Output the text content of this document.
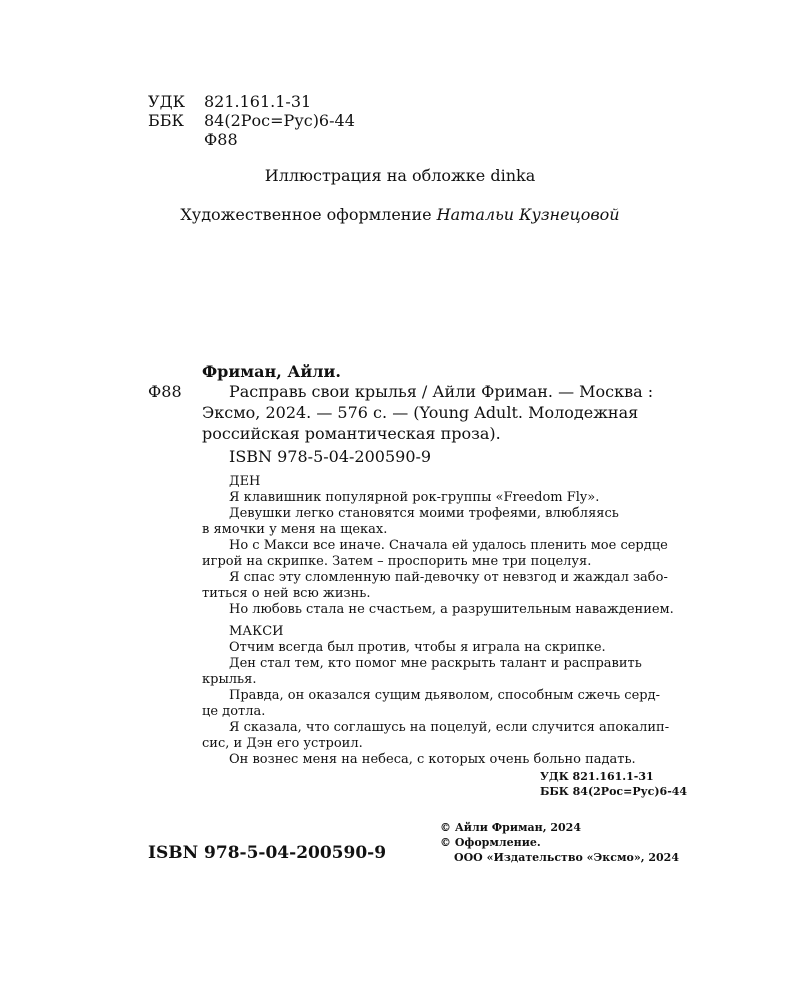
УДК 821.161.1-31
ББК 84(2Рос=Рус)6-44
Ф88
Иллюстрация на обложке dinka
Художественное оформление Натальи Кузнецовой
Фриман, Айли.
Ф88	Расправь свои крылья / Айли Фриман. — Москва :
Эксмо, 2024. — 576 с. — (Young Adult. Молодежная
российская романтическая проза).
ISBN 978-5-04-200590-9
ДЕН
Я клавишник популярной рок-группы «Freedom Fly».
Девушки легко становятся моими трофеями, влюбляясь
в ямочки у меня на щеках.
Но с Макси все иначе. Сначала ей удалось пленить мое сердце
игрой на скрипке. Затем – проспорить мне три поцелуя.
Я спас эту сломленную пай-девочку от невзгод и жаждал забо-
титься о ней всю жизнь.
Но любовь стала не счастьем, а разрушительным наваждением.
МАКСИ
Отчим всегда был против, чтобы я играла на скрипке.
Ден стал тем, кто помог мне раскрыть талант и расправить
крылья.
Правда, он оказался сущим дьяволом, способным сжечь серд-
це дотла.
Я сказала, что соглашусь на поцелуй, если случится апокалип-
сис, и Дэн его устроил.
Он вознес меня на небеса, с которых очень больно падать.
УДК 821.161.1-31
ББК 84(2Рос=Рус)6-44
ISBN 978-5-04-200590-9
© Айли Фриман, 2024
© Оформление.
ООО «Издательство «Эксмо», 2024
